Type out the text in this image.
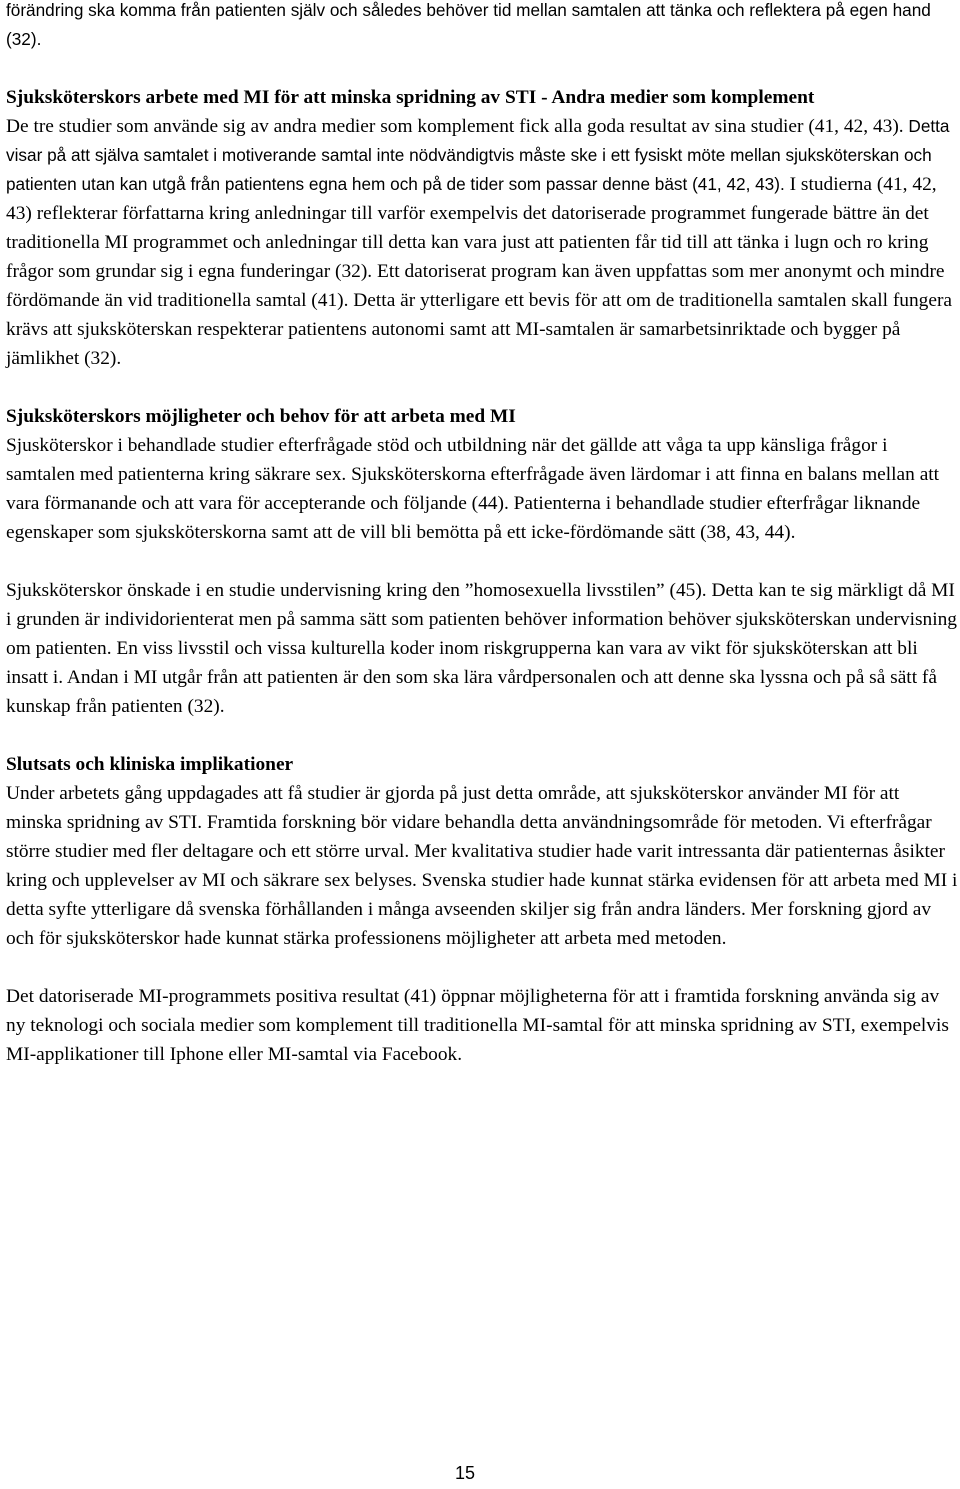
förändring ska komma från patienten själv och således behöver tid mellan samtalen att tänka och reflektera på egen hand (32).

Sjuksköterskors arbete med MI för att minska spridning av STI - Andra medier som komplement

De tre studier som använde sig av andra medier som komplement fick alla goda resultat av sina studier (41, 42, 43). Detta visar på att själva samtalet i motiverande samtal inte nödvändigtvis måste ske i ett fysiskt möte mellan sjuksköterskan och patienten utan kan utgå från patientens egna hem och på de tider som passar denne bäst (41, 42, 43). I studierna (41, 42, 43) reflekterar författarna kring anledningar till varför exempelvis det datoriserade programmet fungerade bättre än det traditionella MI programmet och anledningar till detta kan vara just att patienten får tid till att tänka i lugn och ro kring frågor som grundar sig i egna funderingar (32). Ett datoriserat program kan även uppfattas som mer anonymt och mindre fördömande än vid traditionella samtal (41). Detta är ytterligare ett bevis för att om de traditionella samtalen skall fungera krävs att sjuksköterskan respekterar patientens autonomi samt att MI-samtalen är samarbetsinriktade och bygger på jämlikhet (32).

Sjuksköterskors möjligheter och behov för att arbeta med MI

Sjusköterskor i behandlade studier efterfrågade stöd och utbildning när det gällde att våga ta upp känsliga frågor i samtalen med patienterna kring säkrare sex. Sjuksköterskorna efterfrågade även lärdomar i att finna en balans mellan att vara förmanande och att vara för accepterande och följande (44). Patienterna i behandlade studier efterfrågar liknande egenskaper som sjuksköterskorna samt att de vill bli bemötta på ett icke-fördömande sätt (38, 43, 44).

Sjuksköterskor önskade i en studie undervisning kring den ”homosexuella livsstilen” (45). Detta kan te sig märkligt då MI i grunden är individorienterat men på samma sätt som patienten behöver information behöver sjuksköterskan undervisning om patienten. En viss livsstil och vissa kulturella koder inom riskgrupperna kan vara av vikt för sjuksköterskan att bli insatt i. Andan i MI utgår från att patienten är den som ska lära vårdpersonalen och att denne ska lyssna och på så sätt få kunskap från patienten (32).

Slutsats och kliniska implikationer

Under arbetets gång uppdagades att få studier är gjorda på just detta område, att sjuksköterskor använder MI för att minska spridning av STI. Framtida forskning bör vidare behandla detta användningsområde för metoden. Vi efterfrågar större studier med fler deltagare och ett större urval. Mer kvalitativa studier hade varit intressanta där patienternas åsikter kring och upplevelser av MI och säkrare sex belyses. Svenska studier hade kunnat stärka evidensen för att arbeta med MI i detta syfte ytterligare då svenska förhållanden i många avseenden skiljer sig från andra länders. Mer forskning gjord av och för sjuksköterskor hade kunnat stärka professionens möjligheter att arbeta med metoden.

Det datoriserade MI-programmets positiva resultat (41) öppnar möjligheterna för att i framtida forskning använda sig av ny teknologi och sociala medier som komplement till traditionella MI-samtal för att minska spridning av STI, exempelvis MI-applikationer till Iphone eller MI-samtal via Facebook.

15
